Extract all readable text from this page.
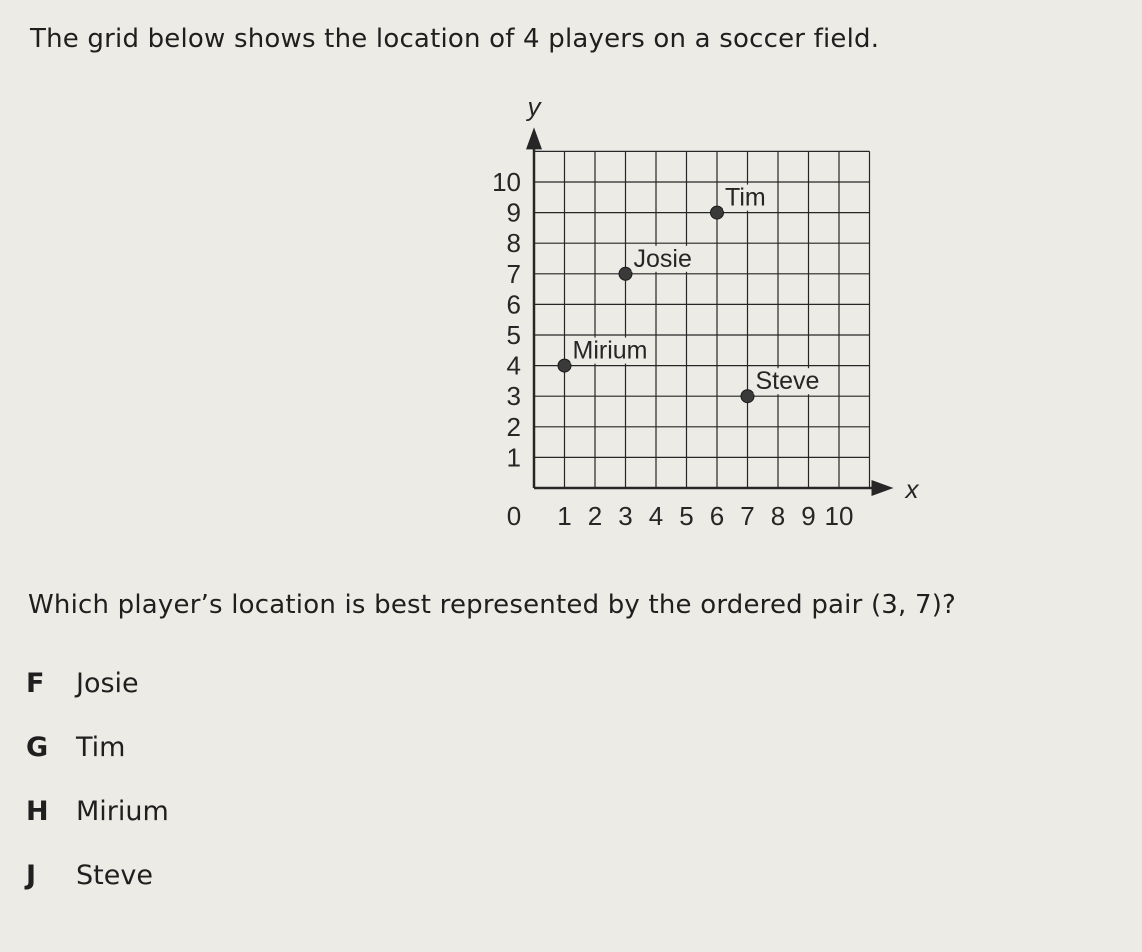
The grid below shows the location of 4 players on a soccer field.

x
y
0 1 2 3 4 5 6 7 8 9 10
1
2
3
4
5
6
7
8
9
10
Mirium
Josie
Tim
Steve

Which player’s location is best represented by the ordered pair (3, 7)?

F	Josie
G	Tim
H	Mirium
J	Steve
